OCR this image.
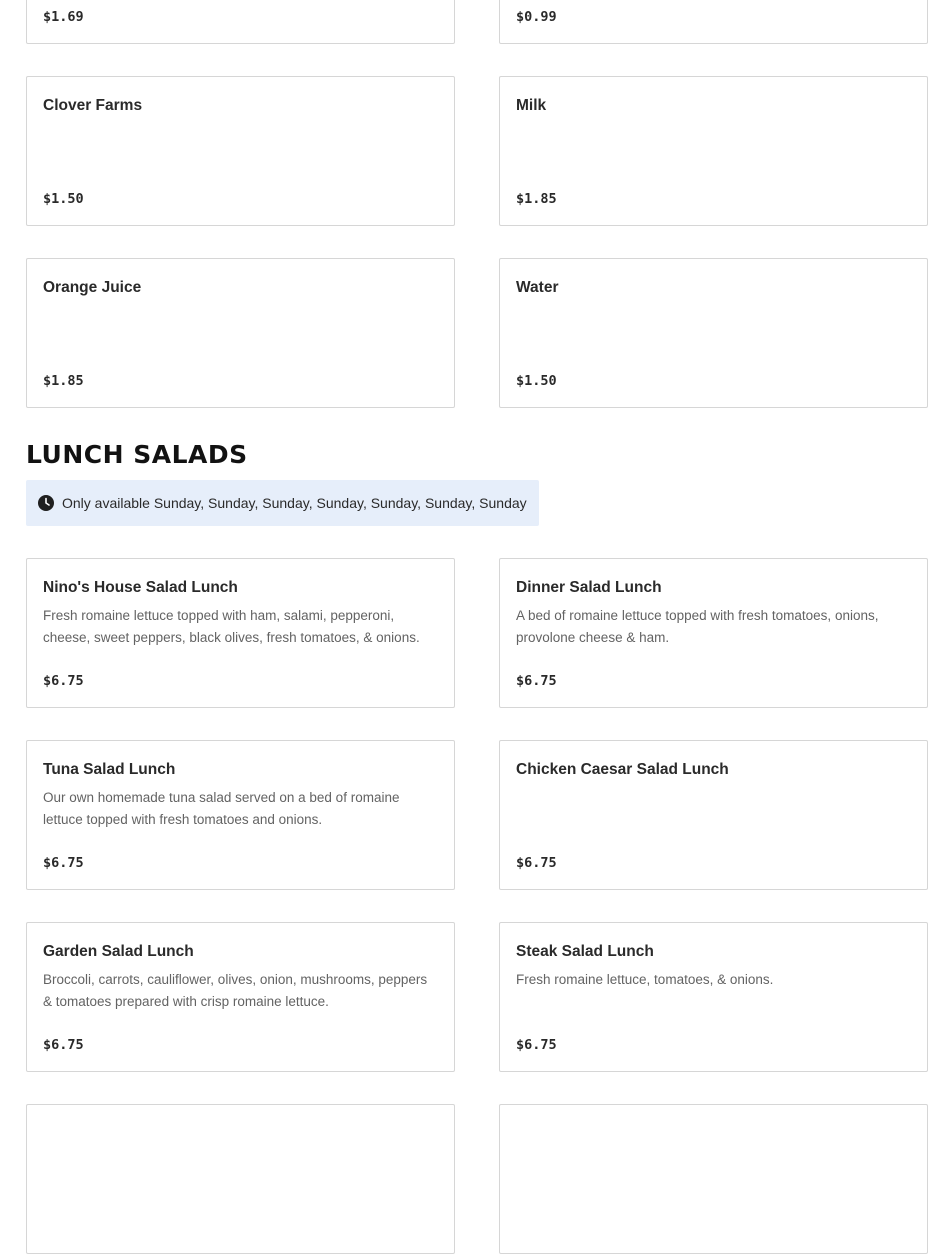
$1.69	$0.99
Clover Farms
$1.50
Milk
$1.85
Orange Juice
$1.85
Water
$1.50
LUNCH SALADS
Only available Sunday, Sunday, Sunday, Sunday, Sunday, Sunday, Sunday
Nino's House Salad Lunch
Fresh romaine lettuce topped with ham, salami, pepperoni, cheese, sweet peppers, black olives, fresh tomatoes, & onions.
$6.75
Dinner Salad Lunch
A bed of romaine lettuce topped with fresh tomatoes, onions, provolone cheese & ham.
$6.75
Tuna Salad Lunch
Our own homemade tuna salad served on a bed of romaine lettuce topped with fresh tomatoes and onions.
$6.75
Chicken Caesar Salad Lunch
$6.75
Garden Salad Lunch
Broccoli, carrots, cauliflower, olives, onion, mushrooms, peppers & tomatoes prepared with crisp romaine lettuce.
$6.75
Steak Salad Lunch
Fresh romaine lettuce, tomatoes, & onions.
$6.75
